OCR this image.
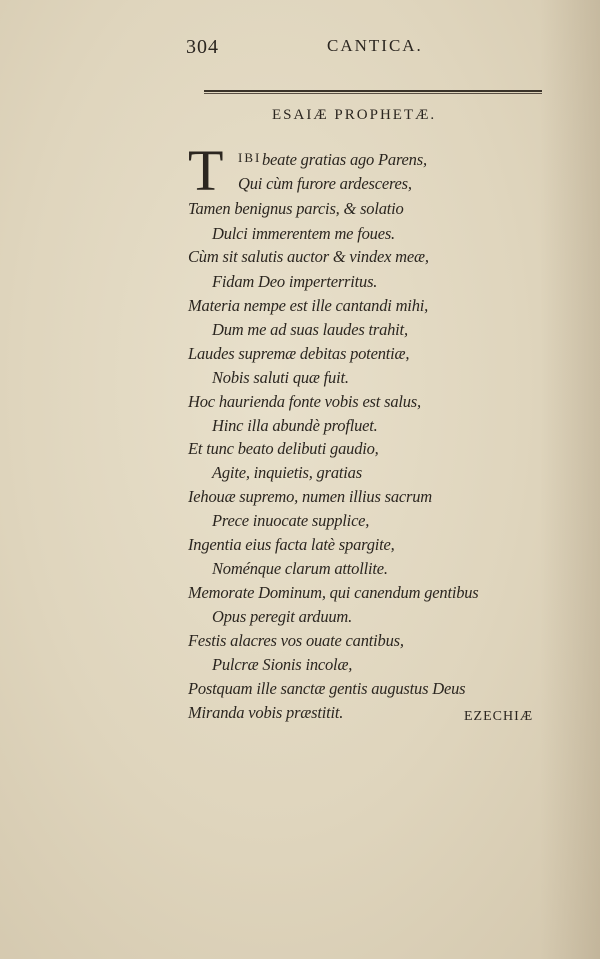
304	CANTICA.
ESAIÆ PROPHETÆ.
T IBI beate gratias ago Parens,
Qui cùm furore ardesceres,
Tamen benignus parcis, & solatio
Dulci immerentem me foues.
Cùm sit salutis auctor & vindex meæ,
Fidam Deo imperterritus.
Materia nempe est ille cantandi mihi,
Dum me ad suas laudes trahit,
Laudes supremæ debitas potentiæ,
Nobis saluti quæ fuit.
Hoc haurienda fonte vobis est salus,
Hinc illa abundè profluet.
Et tunc beato delibuti gaudio,
Agite, inquietis, gratias
Iehouæ supremo, numen illius sacrum
Prece inuocate supplice,
Ingentia eius facta latè spargite,
Noménque clarum attollite.
Memorate Dominum, qui canendum gentibus
Opus peregit arduum.
Festis alacres vos ouate cantibus,
Pulcræ Sionis incolæ,
Postquam ille sanctæ gentis augustus Deus
Miranda vobis præstitit.	EZECHIÆ
